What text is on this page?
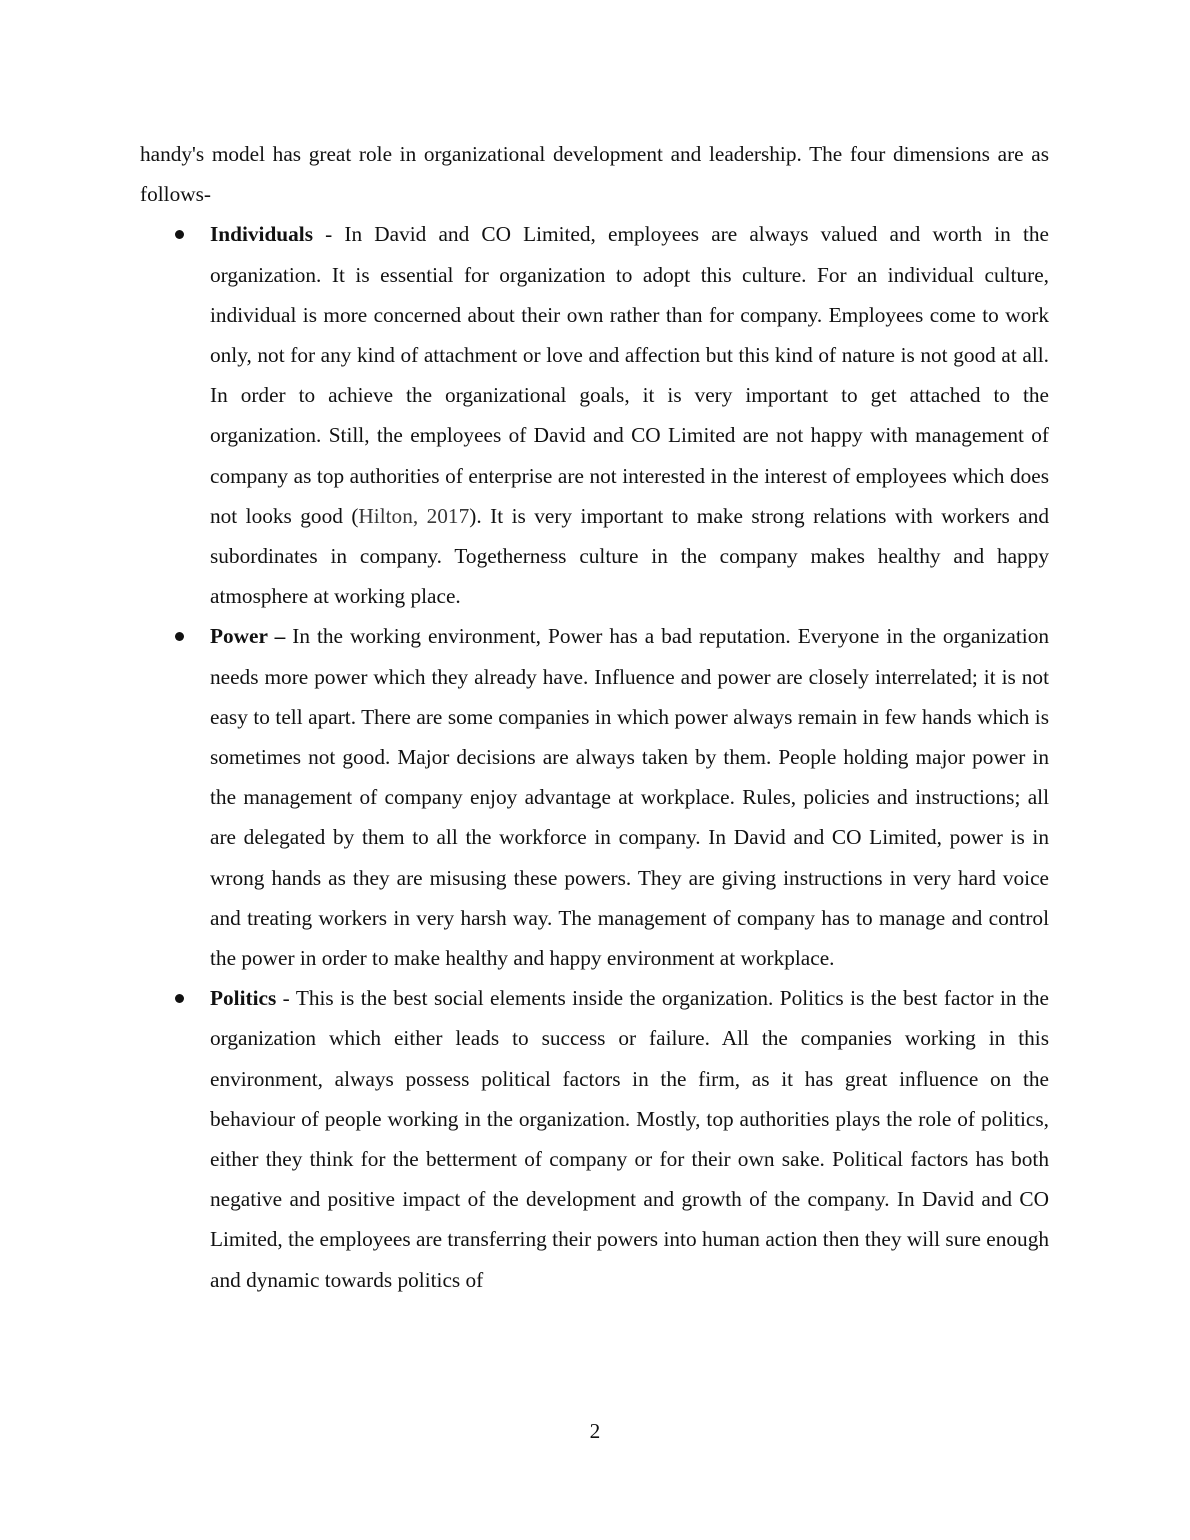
handy's model has great role in organizational development and leadership. The four dimensions are as follows-

Individuals - In David and CO Limited, employees are always valued and worth in the organization. It is essential for organization to adopt this culture. For an individual culture, individual is more concerned about their own rather than for company. Employees come to work only, not for any kind of attachment or love and affection but this kind of nature is not good at all. In order to achieve the organizational goals, it is very important to get attached to the organization. Still, the employees of David and CO Limited are not happy with management of company as top authorities of enterprise are not interested in the interest of employees which does not looks good (Hilton, 2017). It is very important to make strong relations with workers and subordinates in company. Togetherness culture in the company makes healthy and happy atmosphere at working place.
Power – In the working environment, Power has a bad reputation. Everyone in the organization needs more power which they already have. Influence and power are closely interrelated; it is not easy to tell apart. There are some companies in which power always remain in few hands which is sometimes not good. Major decisions are always taken by them. People holding major power in the management of company enjoy advantage at workplace. Rules, policies and instructions; all are delegated by them to all the workforce in company. In David and CO Limited, power is in wrong hands as they are misusing these powers. They are giving instructions in very hard voice and treating workers in very harsh way. The management of company has to manage and control the power in order to make healthy and happy environment at workplace.
Politics - This is the best social elements inside the organization. Politics is the best factor in the organization which either leads to success or failure. All the companies working in this environment, always possess political factors in the firm, as it has great influence on the behaviour of people working in the organization. Mostly, top authorities plays the role of politics, either they think for the betterment of company or for their own sake. Political factors has both negative and positive impact of the development and growth of the company. In David and CO Limited, the employees are transferring their powers into human action then they will sure enough and dynamic towards politics of
2
